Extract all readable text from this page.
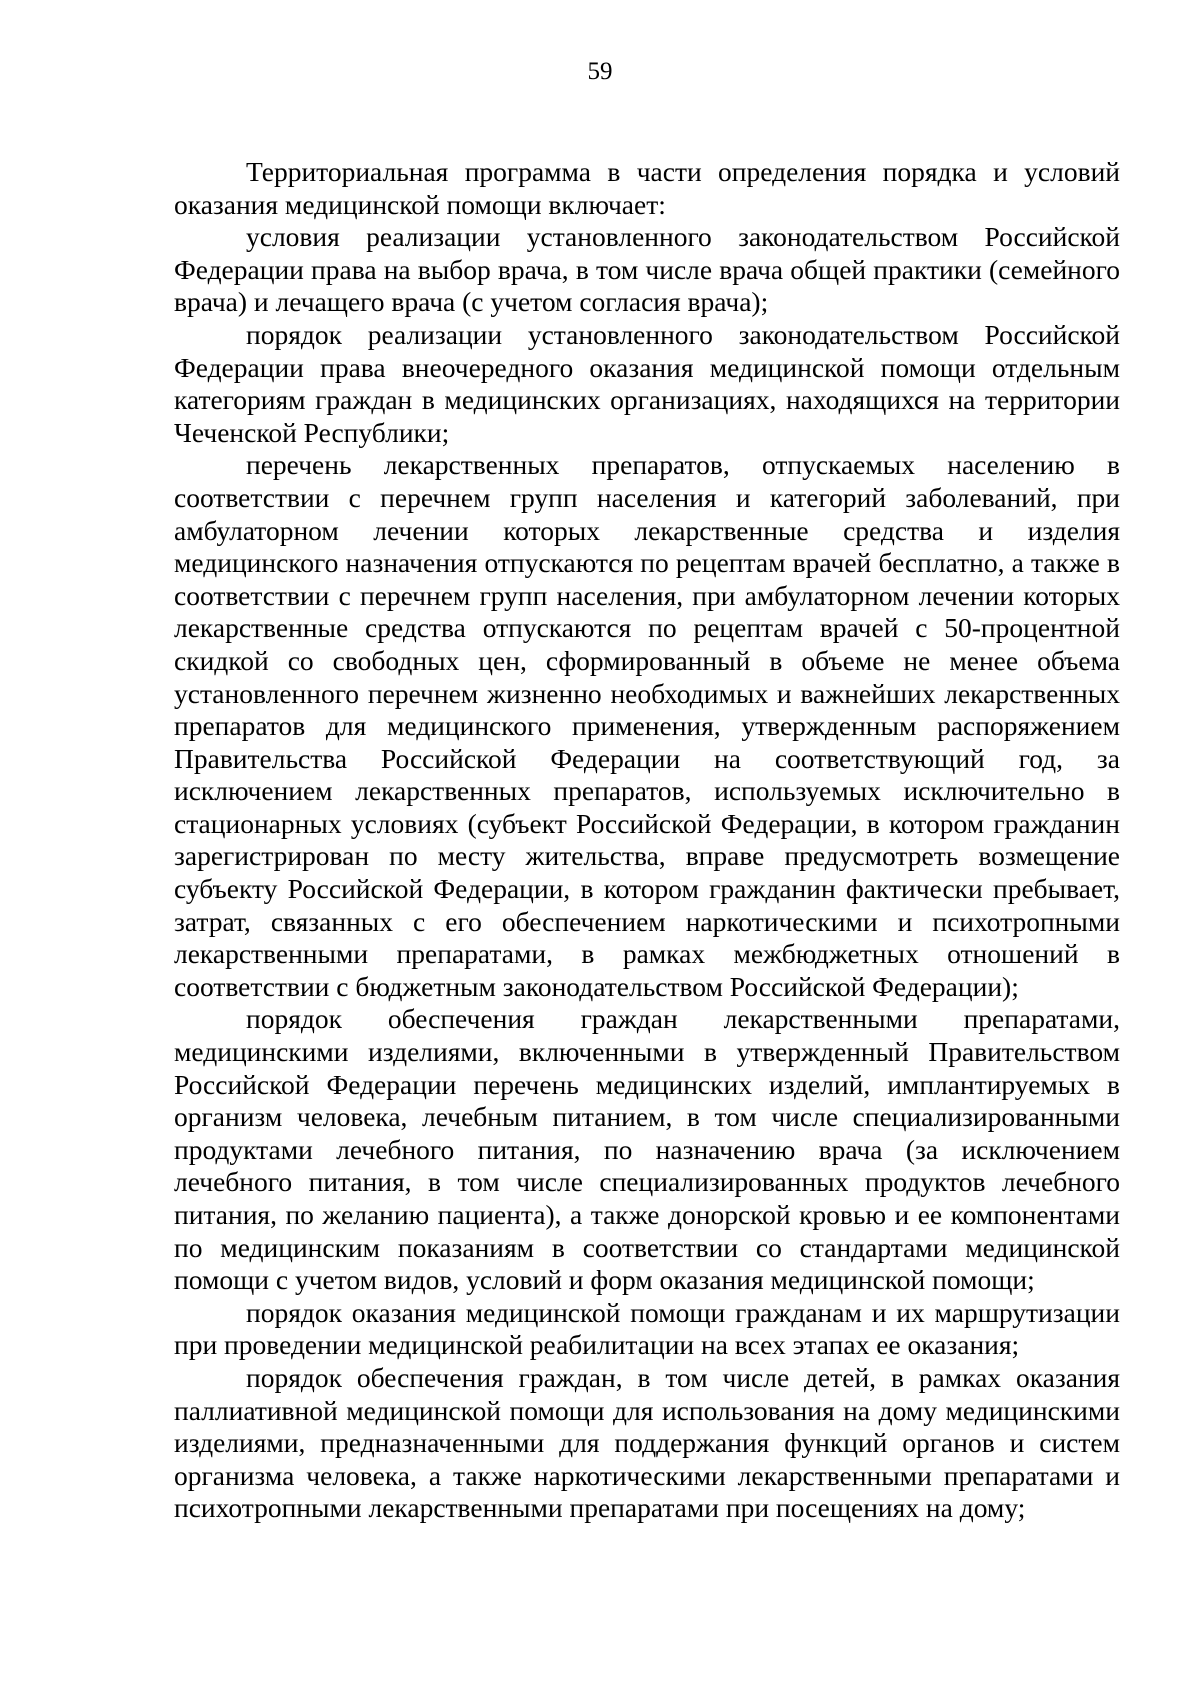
59

Территориальная программа в части определения порядка и условий оказания медицинской помощи включает:

условия реализации установленного законодательством Российской Федерации права на выбор врача, в том числе врача общей практики (семейного врача) и лечащего врача (с учетом согласия врача);

порядок реализации установленного законодательством Российской Федерации права внеочередного оказания медицинской помощи отдельным категориям граждан в медицинских организациях, находящихся на территории Чеченской Республики;

перечень лекарственных препаратов, отпускаемых населению в соответствии с перечнем групп населения и категорий заболеваний, при амбулаторном лечении которых лекарственные средства и изделия медицинского назначения отпускаются по рецептам врачей бесплатно, а также в соответствии с перечнем групп населения, при амбулаторном лечении которых лекарственные средства отпускаются по рецептам врачей с 50-процентной скидкой со свободных цен, сформированный в объеме не менее объема установленного перечнем жизненно необходимых и важнейших лекарственных препаратов для медицинского применения, утвержденным распоряжением Правительства Российской Федерации на соответствующий год, за исключением лекарственных препаратов, используемых исключительно в стационарных условиях (субъект Российской Федерации, в котором гражданин зарегистрирован по месту жительства, вправе предусмотреть возмещение субъекту Российской Федерации, в котором гражданин фактически пребывает, затрат, связанных с его обеспечением наркотическими и психотропными лекарственными препаратами, в рамках межбюджетных отношений в соответствии с бюджетным законодательством Российской Федерации);

порядок обеспечения граждан лекарственными препаратами, медицинскими изделиями, включенными в утвержденный Правительством Российской Федерации перечень медицинских изделий, имплантируемых в организм человека, лечебным питанием, в том числе специализированными продуктами лечебного питания, по назначению врача (за исключением лечебного питания, в том числе специализированных продуктов лечебного питания, по желанию пациента), а также донорской кровью и ее компонентами по медицинским показаниям в соответствии со стандартами медицинской помощи с учетом видов, условий и форм оказания медицинской помощи;

порядок оказания медицинской помощи гражданам и их маршрутизации при проведении медицинской реабилитации на всех этапах ее оказания;

порядок обеспечения граждан, в том числе детей, в рамках оказания паллиативной медицинской помощи для использования на дому медицинскими изделиями, предназначенными для поддержания функций органов и систем организма человека, а также наркотическими лекарственными препаратами и психотропными лекарственными препаратами при посещениях на дому;
